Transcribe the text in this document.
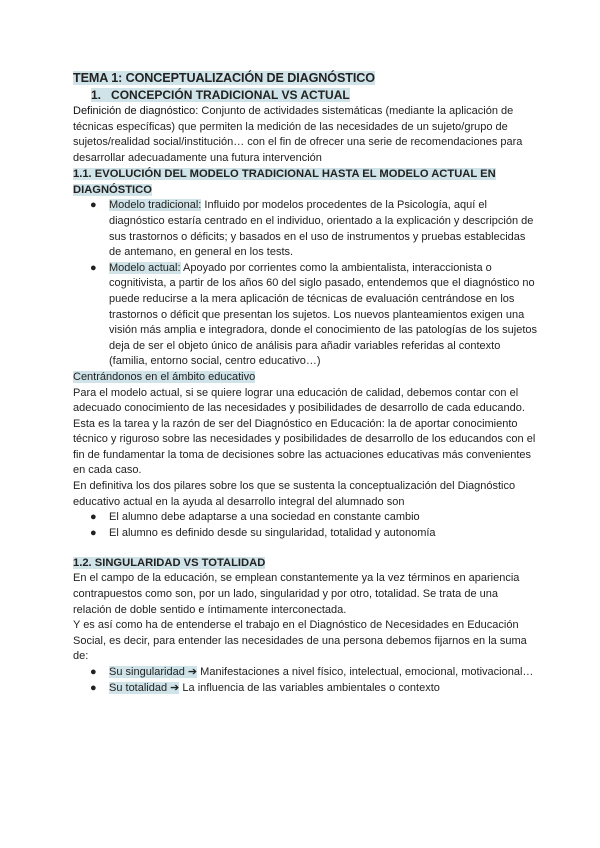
TEMA 1: CONCEPTUALIZACIÓN DE DIAGNÓSTICO
1. CONCEPCIÓN TRADICIONAL VS ACTUAL

Definición de diagnóstico: Conjunto de actividades sistemáticas (mediante la aplicación de técnicas específicas) que permiten la medición de las necesidades de un sujeto/grupo de sujetos/realidad social/institución… con el fin de ofrecer una serie de recomendaciones para desarrollar adecuadamente una futura intervención

1.1. EVOLUCIÓN DEL MODELO TRADICIONAL HASTA EL MODELO ACTUAL EN DIAGNÓSTICO
● Modelo tradicional: Influido por modelos procedentes de la Psicología, aquí el diagnóstico estaría centrado en el individuo, orientado a la explicación y descripción de sus trastornos o déficits; y basados en el uso de instrumentos y pruebas establecidas de antemano, en general en los tests.
● Modelo actual: Apoyado por corrientes como la ambientalista, interaccionista o cognitivista, a partir de los años 60 del siglo pasado, entendemos que el diagnóstico no puede reducirse a la mera aplicación de técnicas de evaluación centrándose en los trastornos o déficit que presentan los sujetos. Los nuevos planteamientos exigen una visión más amplia e integradora, donde el conocimiento de las patologías de los sujetos deja de ser el objeto único de análisis para añadir variables referidas al contexto (familia, entorno social, centro educativo…)
Centrándonos en el ámbito educativo

Para el modelo actual, si se quiere lograr una educación de calidad, debemos contar con el adecuado conocimiento de las necesidades y posibilidades de desarrollo de cada educando.

Esta es la tarea y la razón de ser del Diagnóstico en Educación: la de aportar conocimiento técnico y riguroso sobre las necesidades y posibilidades de desarrollo de los educandos con el fin de fundamentar la toma de decisiones sobre las actuaciones educativas más convenientes en cada caso.

En definitiva los dos pilares sobre los que se sustenta la conceptualización del Diagnóstico educativo actual en la ayuda al desarrollo integral del alumnado son

● El alumno debe adaptarse a una sociedad en constante cambio
● El alumno es definido desde su singularidad, totalidad y autonomía
1.2. SINGULARIDAD VS TOTALIDAD

En el campo de la educación, se emplean constantemente ya la vez términos en apariencia contrapuestos como son, por un lado, singularidad y por otro, totalidad. Se trata de una relación de doble sentido e íntimamente interconectada.

Y es así como ha de entenderse el trabajo en el Diagnóstico de Necesidades en Educación Social, es decir, para entender las necesidades de una persona debemos fijarnos en la suma de:

● Su singularidad ➔ Manifestaciones a nivel físico, intelectual, emocional, motivacional…
● Su totalidad ➔ La influencia de las variables ambientales o contexto
